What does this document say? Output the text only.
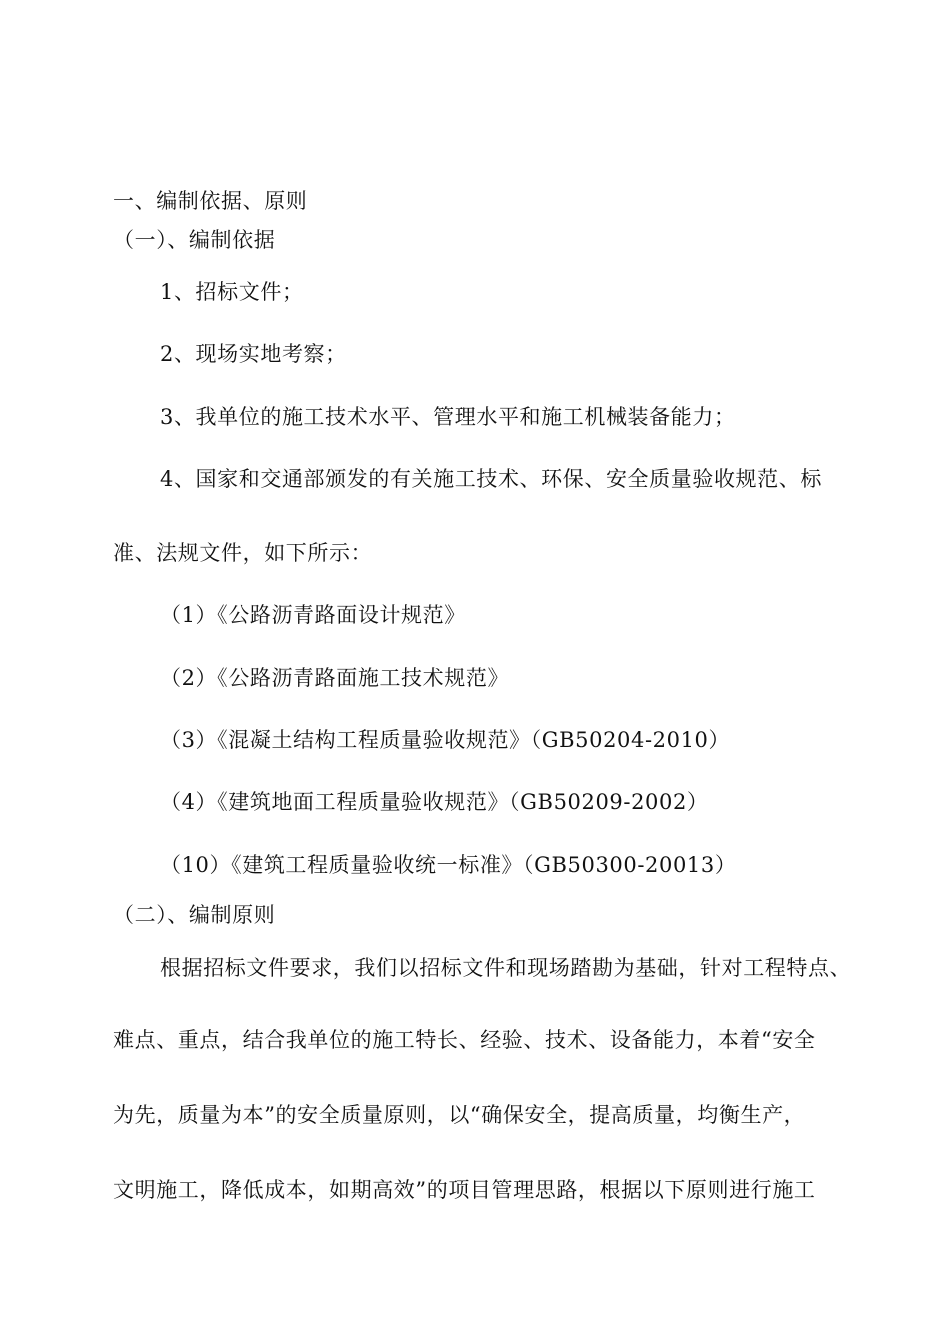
一、编制依据、原则
（一）、编制依据
1、招标文件；
2、现场实地考察；
3、我单位的施工技术水平、管理水平和施工机械装备能力；
4、国家和交通部颁发的有关施工技术、环保、安全质量验收规范、标
准、法规文件，如下所示：
（1）《公路沥青路面设计规范》
（2）《公路沥青路面施工技术规范》
（3）《混凝土结构工程质量验收规范》（GB50204-2010）
（4）《建筑地面工程质量验收规范》（GB50209-2002）
（10）《建筑工程质量验收统一标准》（GB50300-20013）
（二）、编制原则
根据招标文件要求，我们以招标文件和现场踏勘为基础，针对工程特点、
难点、重点，结合我单位的施工特长、经验、技术、设备能力，本着“安全
为先，质量为本”的安全质量原则，以“确保安全，提高质量，均衡生产，
文明施工，降低成本，如期高效”的项目管理思路，根据以下原则进行施工
